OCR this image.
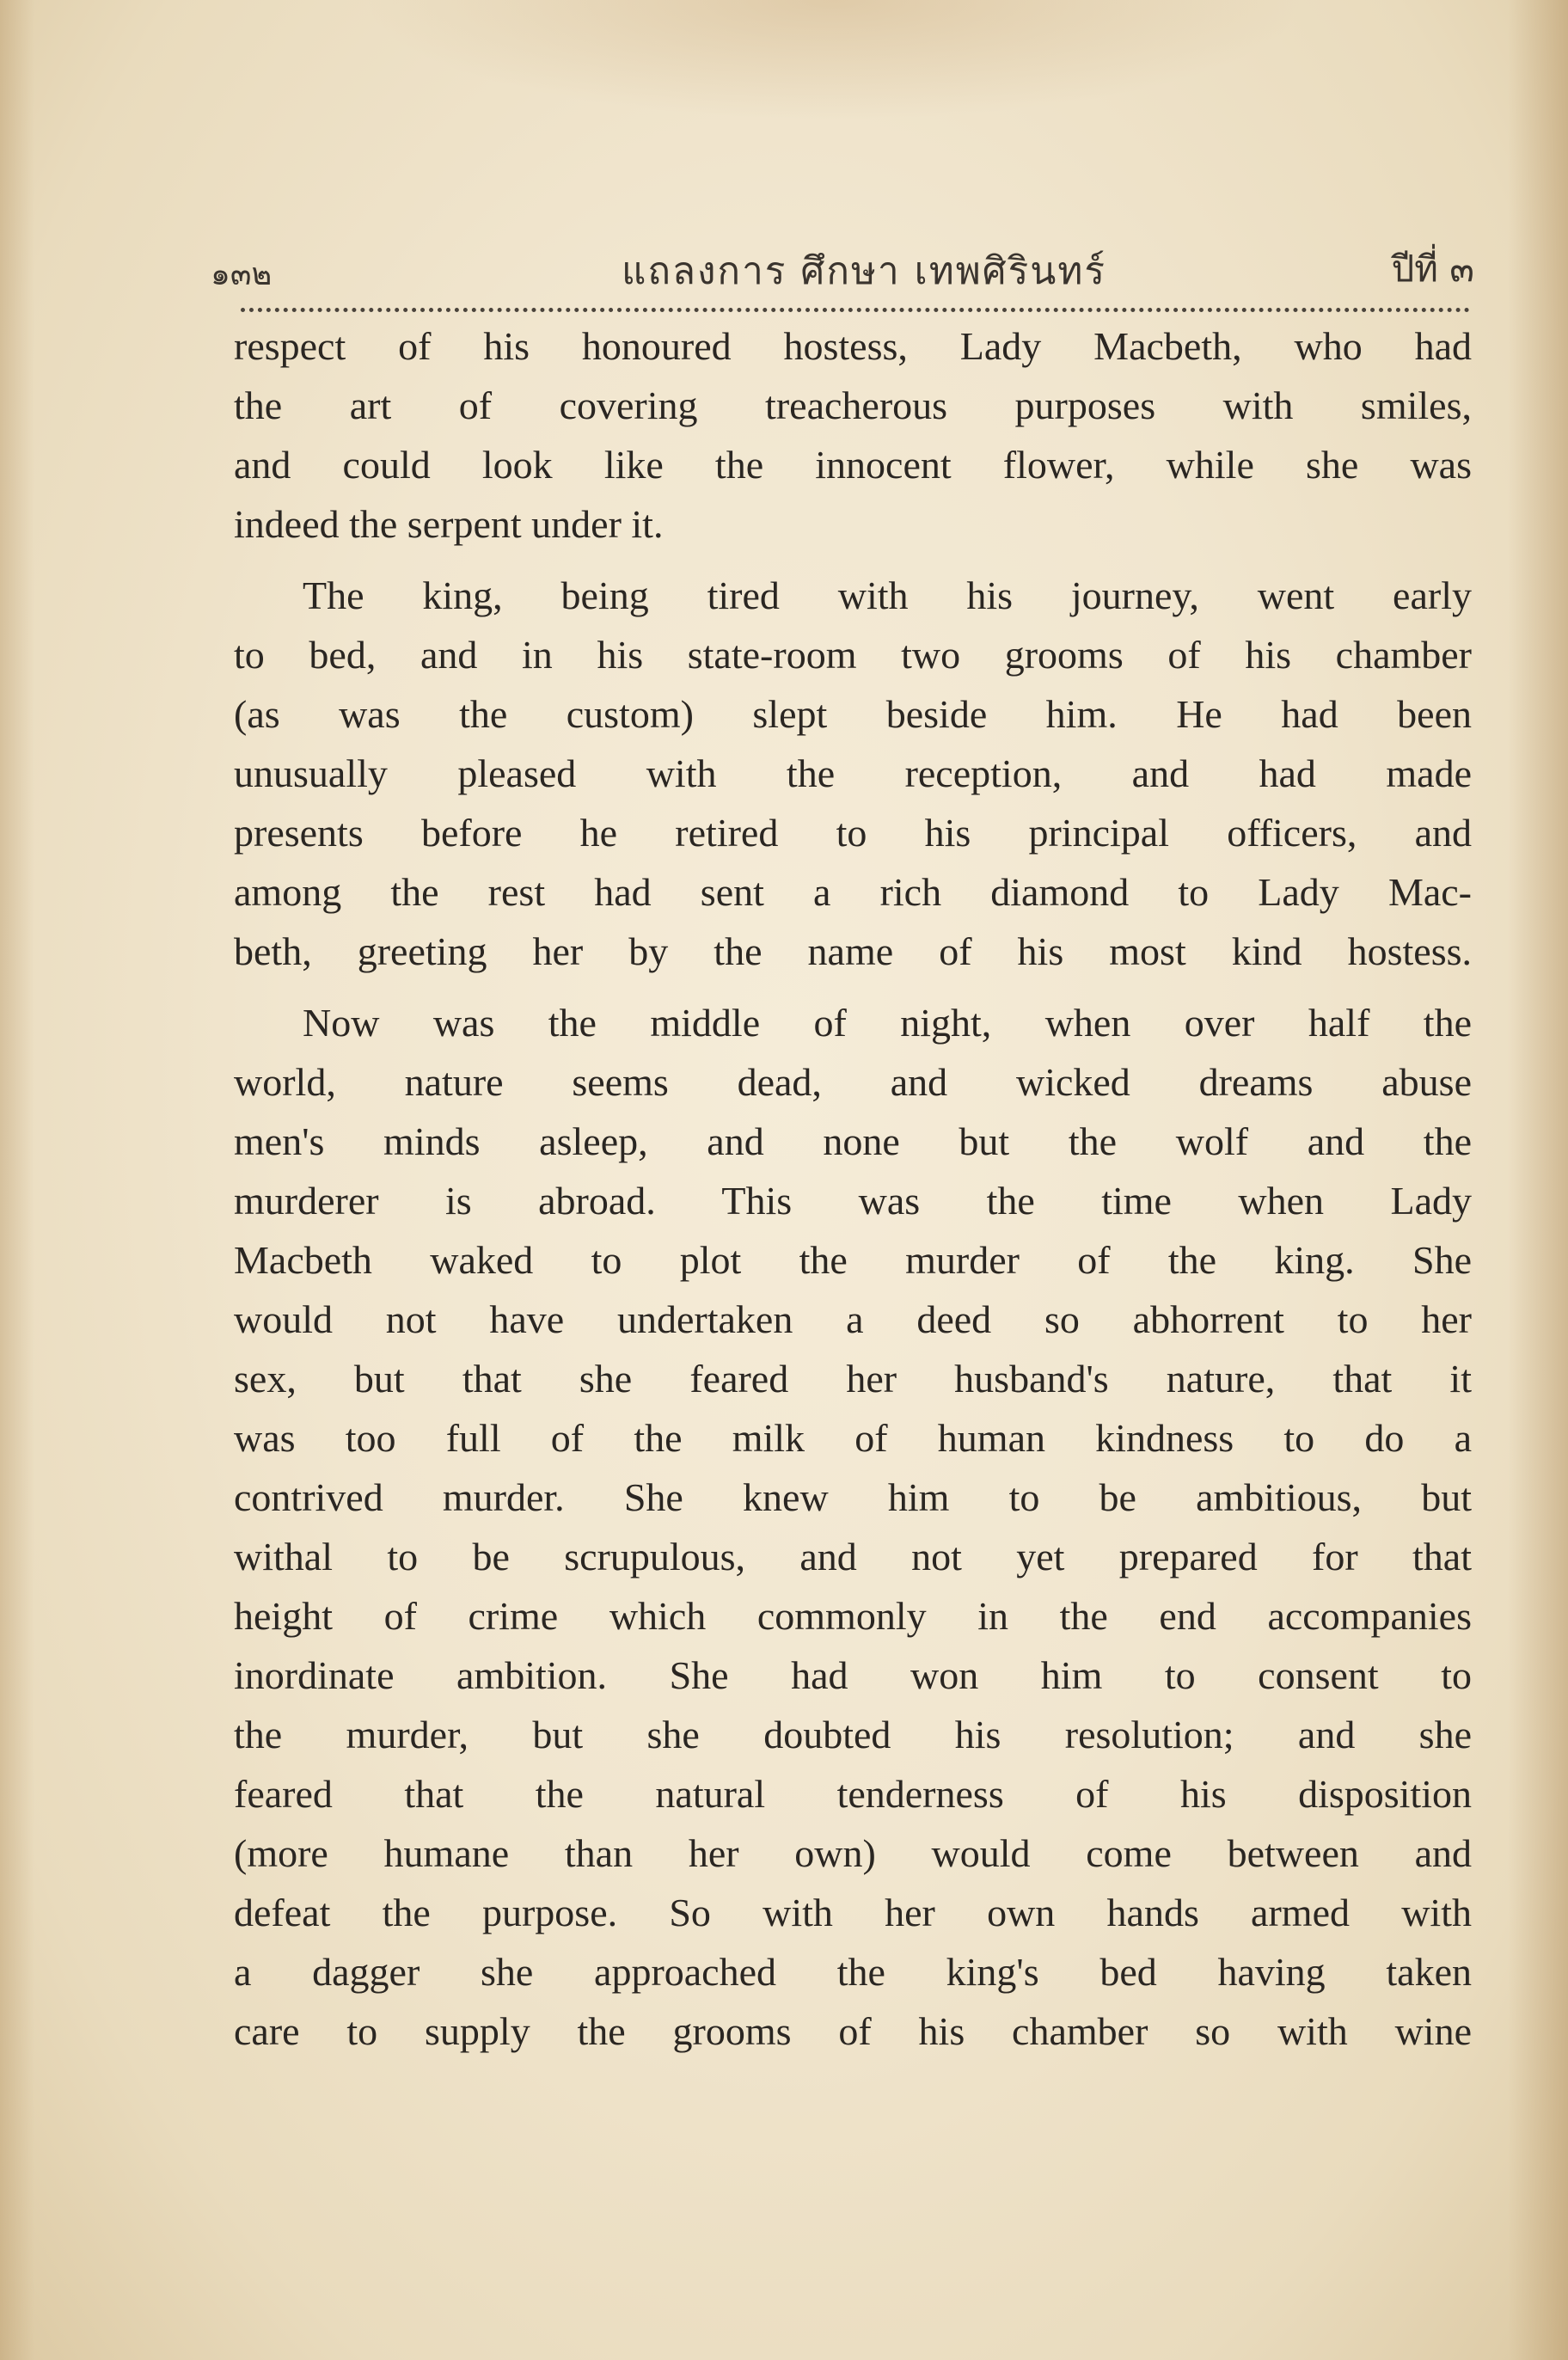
๑๓๒	แถลงการ ศึกษา เทพศิรินทร์	ปีที่ ๓
respect of his honoured hostess, Lady Macbeth, who had
the art of covering treacherous purposes with smiles,
and could look like the innocent flower, while she was
indeed the serpent under it.
The king, being tired with his journey, went early
to bed, and in his state-room two grooms of his chamber
(as was the custom) slept beside him. He had been
unusually pleased with the reception, and had made
presents before he retired to his principal officers, and
among the rest had sent a rich diamond to Lady Mac-
beth, greeting her by the name of his most kind hostess.
Now was the middle of night, when over half the
world, nature seems dead, and wicked dreams abuse
men's minds asleep, and none but the wolf and the
murderer is abroad. This was the time when Lady
Macbeth waked to plot the murder of the king. She
would not have undertaken a deed so abhorrent to her
sex, but that she feared her husband's nature, that it
was too full of the milk of human kindness to do a
contrived murder. She knew him to be ambitious, but
withal to be scrupulous, and not yet prepared for that
height of crime which commonly in the end accompanies
inordinate ambition. She had won him to consent to
the murder, but she doubted his resolution; and she
feared that the natural tenderness of his disposition
(more humane than her own) would come between and
defeat the purpose. So with her own hands armed with
a dagger she approached the king's bed having taken
care to supply the grooms of his chamber so with wine
